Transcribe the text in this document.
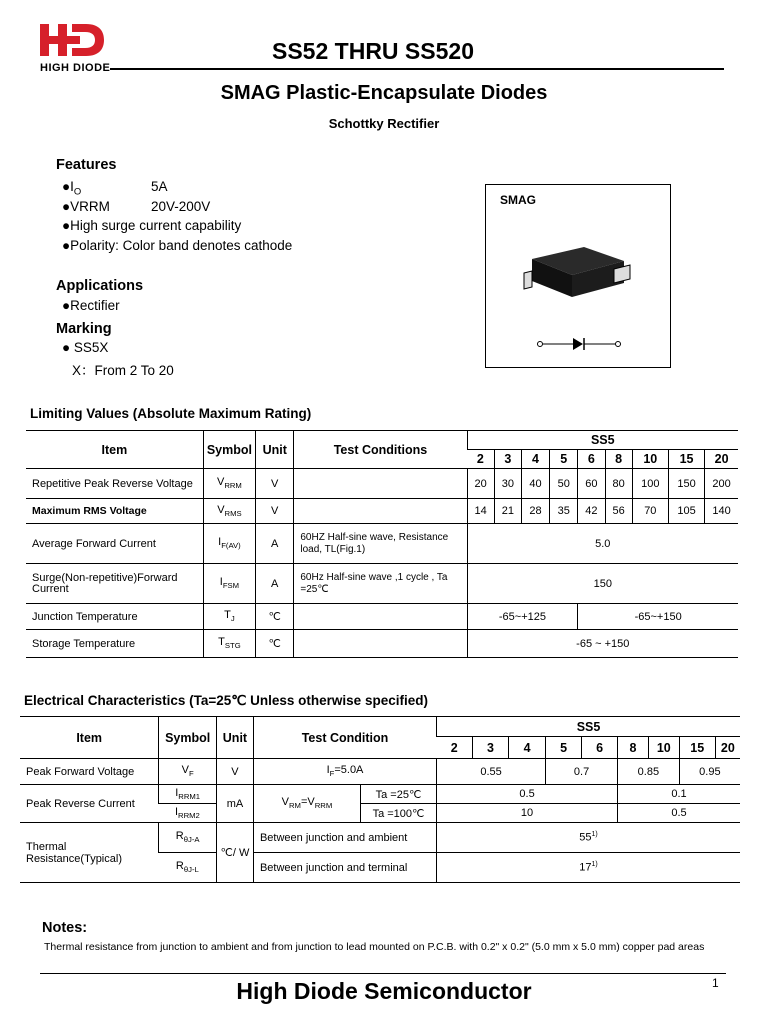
HIGH DIODE
SS52 THRU SS520
SMAG Plastic-Encapsulate Diodes
Schottky Rectifier
Features
$●I_O$	5A
●VRRM	20V-200V
●High surge current capability
●Polarity: Color band denotes cathode
Applications
●Rectifier
Marking
● SS5X
X：From 2 To 20
SMAG
Limiting Values (Absolute Maximum Rating)
Item	Symbol	Unit	Test Conditions	SS5								
				2	3	4	5	6	8	10	15	20
Repetitive Peak Reverse Voltage	$V_{RRM}$	V		20	30	40	50	60	80	100	150	200
Maximum RMS Voltage	$V_{RMS}$	V		14	21	28	35	42	56	70	105	140
Average Forward Current	$I_{F(AV)}$	A	60HZ Half-sine wave, Resistance load, TL(Fig.1)	5.0								
Surge(Non-repetitive)Forward Current	$I_{FSM}$	A	60Hz Half-sine wave ,1 cycle , Ta =25℃	150								
Junction Temperature	$T_J$	℃		-65~+125				-65~+150				
Storage Temperature	$T_{STG}$	℃		-65 ~ +150								
Electrical Characteristics (Ta=25℃ Unless otherwise specified)
Item	Symbol	Unit	Test Condition		SS5								
					2	3	4	5	6	8	10	15	20
Peak Forward Voltage	$V_F$	V	$I_F=5.0A$		0.55			0.7		0.85		0.95	
Peak Reverse Current	$I_{RRM1}$	mA	$V_{RM}=V_{RRM}$	Ta =25℃	0.5					0.1			
	$I_{RRM2}$			Ta =100℃	10					0.5			
Thermal Resistance(Typical)	$R_{\theta J-A}$	℃/ W	Between junction and ambient		55$^{1)}$
	$R_{\theta J-L}$		Between junction and terminal		17$^{1)}$
Notes:
Thermal resistance from junction to ambient and from junction to lead mounted on P.C.B. with 0.2" x 0.2" (5.0 mm x 5.0 mm) copper pad areas
High Diode Semiconductor	1
